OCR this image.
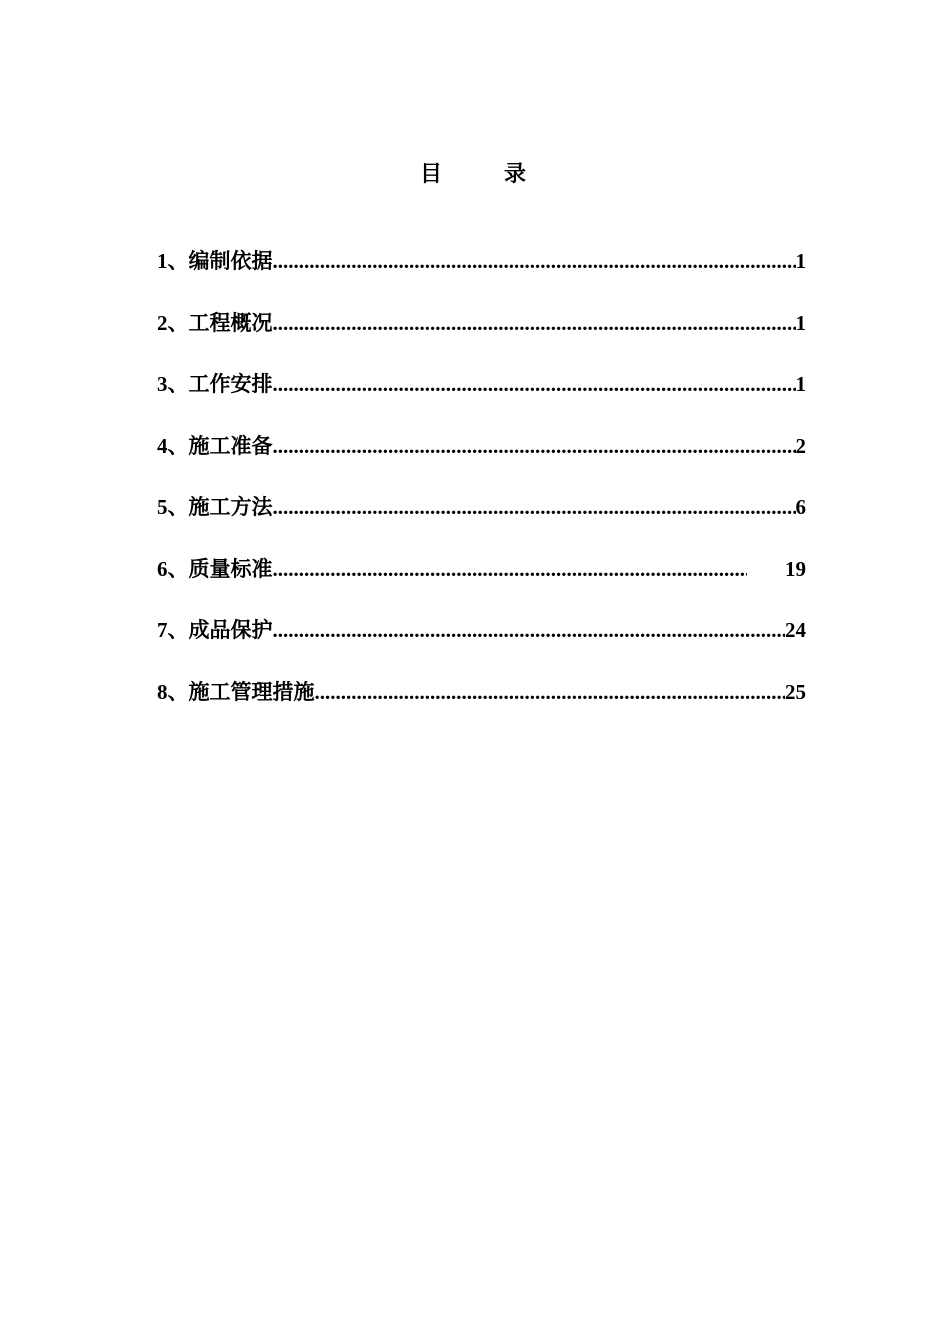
目　录
1、编制依据 .....	1
2、工程概况 .....	1
3、工作安排 .....	1
4、施工准备 .....	2
5、施工方法 .....	6
6、质量标准 .....	19
7、成品保护 .....	24
8、施工管理措施 .....	25
